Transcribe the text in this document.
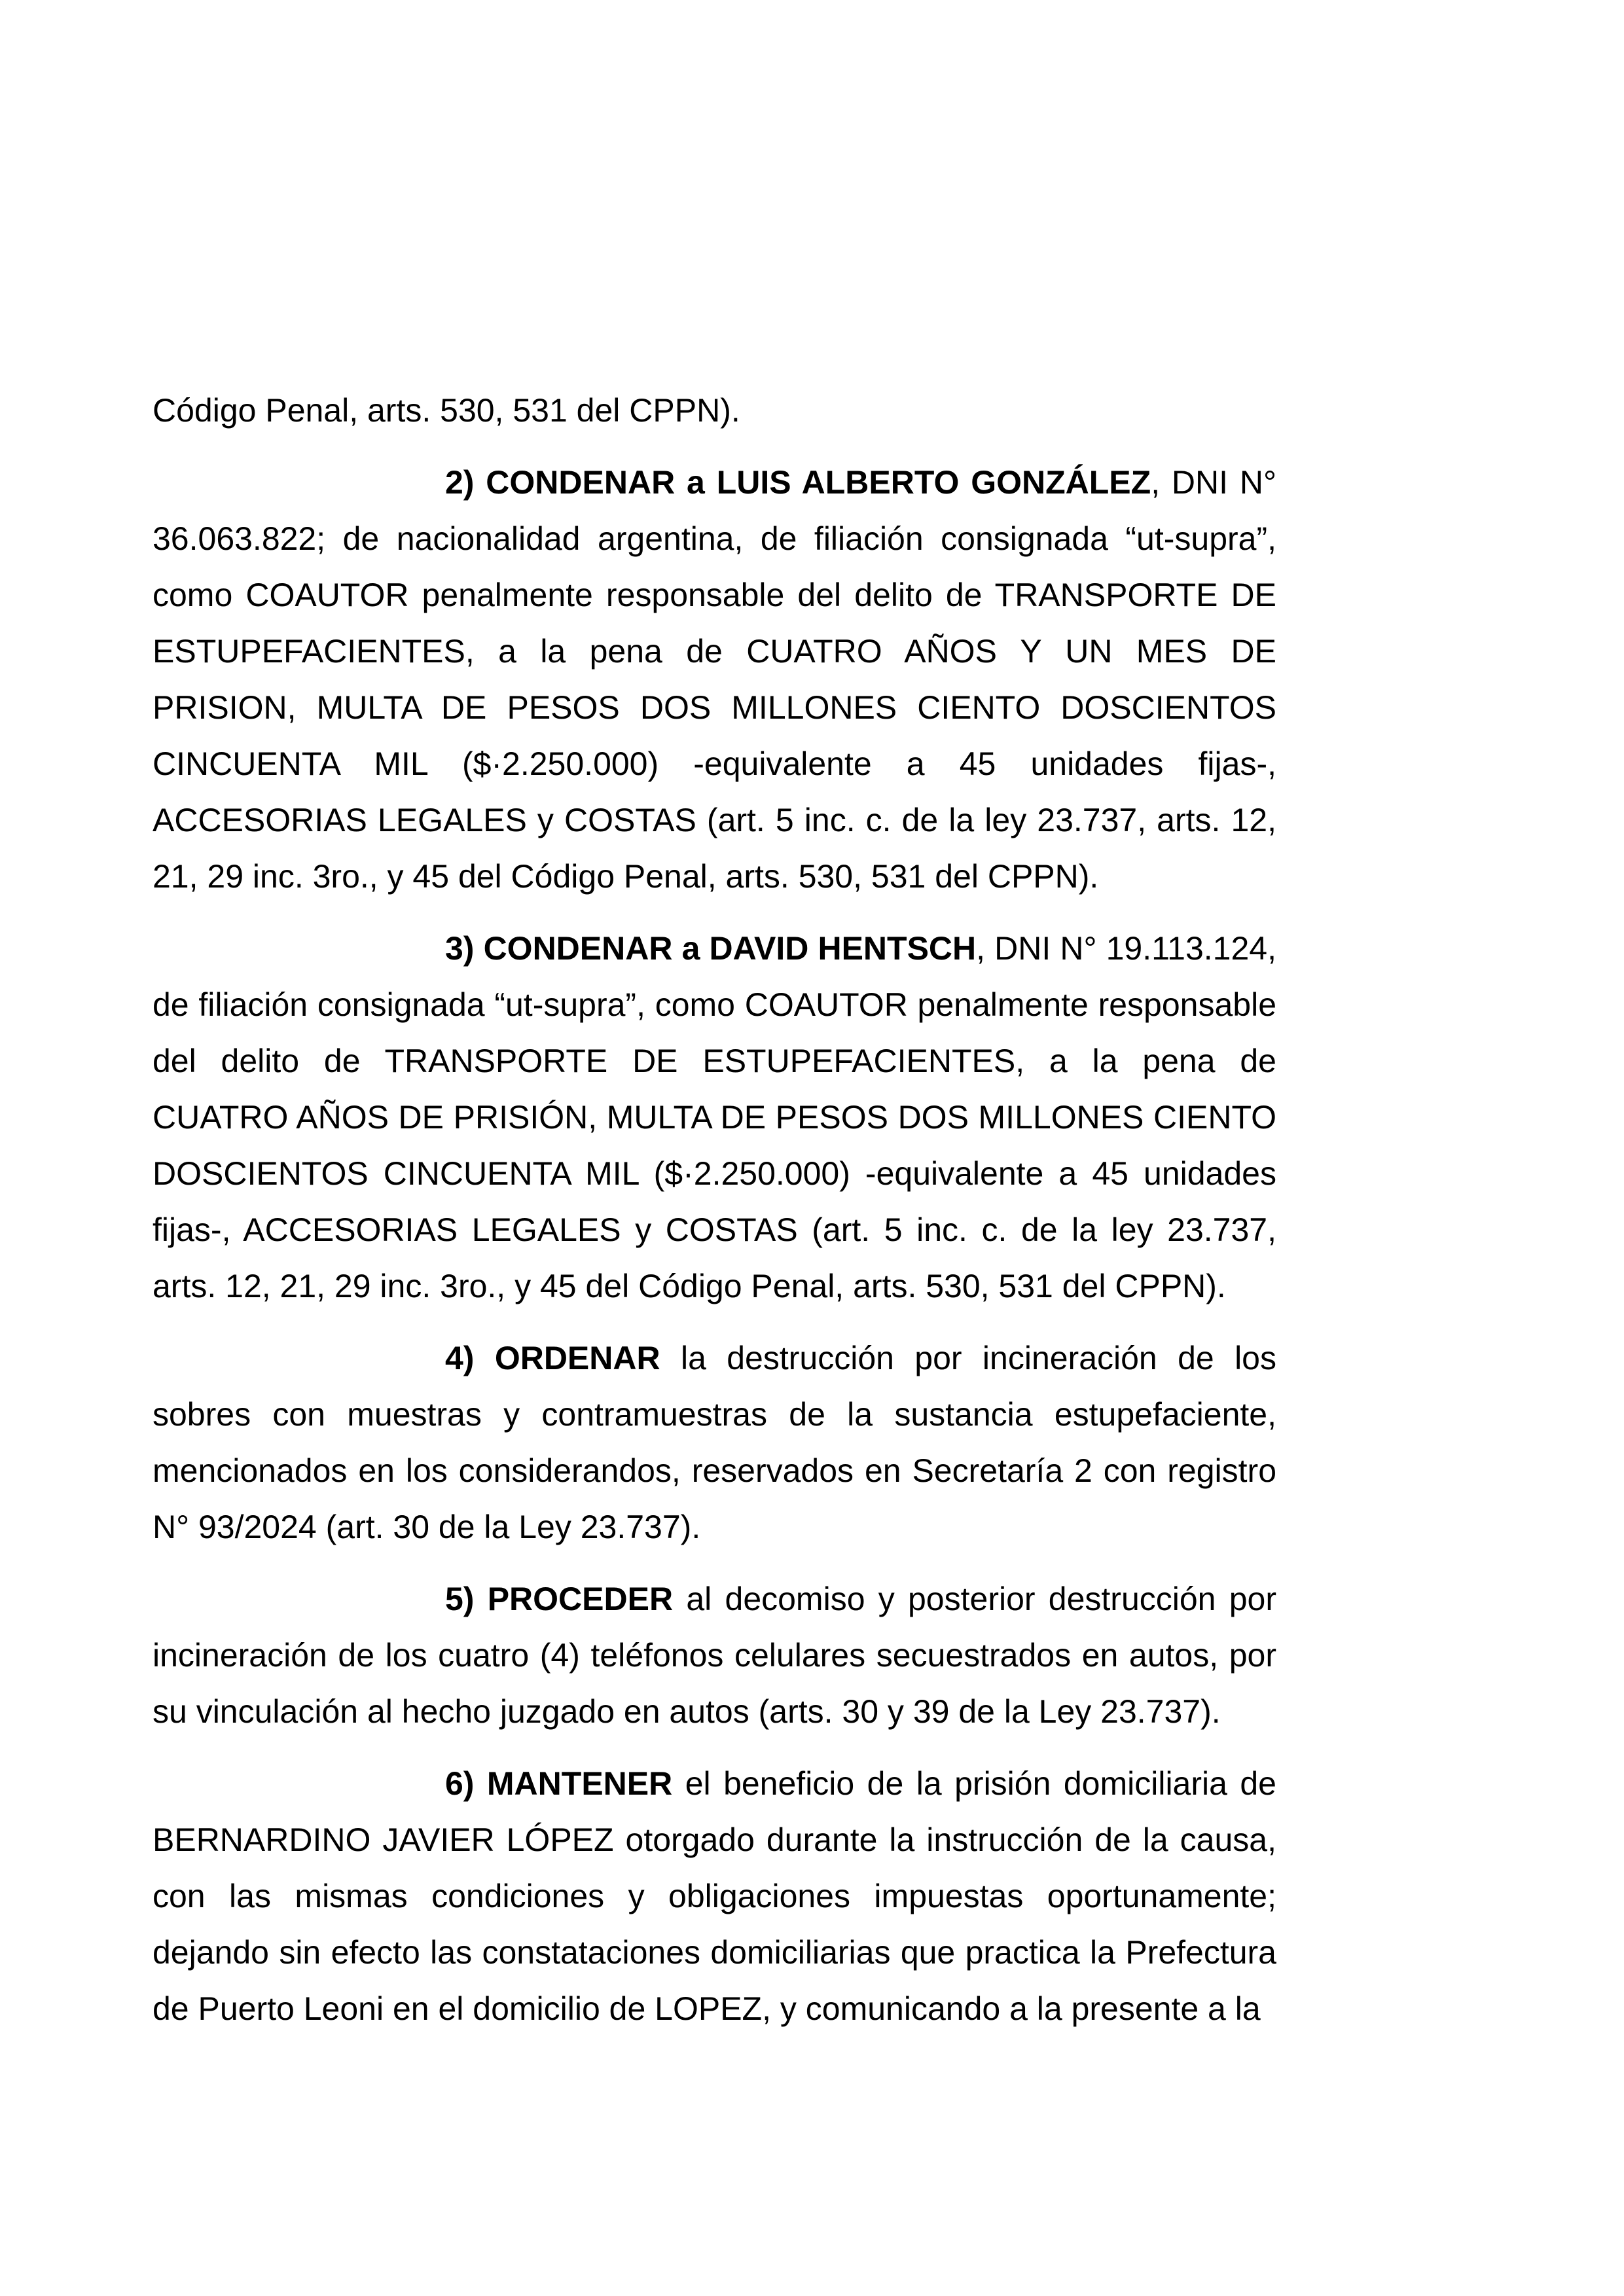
Código Penal, arts. 530, 531 del CPPN).

2) CONDENAR a LUIS ALBERTO GONZÁLEZ, DNI N° 36.063.822; de nacionalidad argentina, de filiación consignada “ut-supra”, como COAUTOR penalmente responsable del delito de TRANSPORTE DE ESTUPEFACIENTES, a la pena de CUATRO AÑOS Y UN MES DE PRISION, MULTA DE PESOS DOS MILLONES CIENTO DOSCIENTOS CINCUENTA MIL ($·2.250.000) -equivalente a 45 unidades fijas-, ACCESORIAS LEGALES y COSTAS (art. 5 inc. c. de la ley 23.737, arts. 12, 21, 29 inc. 3ro., y 45 del Código Penal, arts. 530, 531 del CPPN).

3) CONDENAR a DAVID HENTSCH, DNI N° 19.113.124, de filiación consignada “ut-supra”, como COAUTOR penalmente responsable del delito de TRANSPORTE DE ESTUPEFACIENTES, a la pena de CUATRO AÑOS DE PRISIÓN, MULTA DE PESOS DOS MILLONES CIENTO DOSCIENTOS CINCUENTA MIL ($·2.250.000) -equivalente a 45 unidades fijas-, ACCESORIAS LEGALES y COSTAS (art. 5 inc. c. de la ley 23.737, arts. 12, 21, 29 inc. 3ro., y 45 del Código Penal, arts. 530, 531 del CPPN).

4) ORDENAR la destrucción por incineración de los sobres con muestras y contramuestras de la sustancia estupefaciente, mencionados en los considerandos, reservados en Secretaría 2 con registro N° 93/2024 (art. 30 de la Ley 23.737).

5) PROCEDER al decomiso y posterior destrucción por incineración de los cuatro (4) teléfonos celulares secuestrados en autos, por su vinculación al hecho juzgado en autos (arts. 30 y 39 de la Ley 23.737).

6) MANTENER el beneficio de la prisión domiciliaria de BERNARDINO JAVIER LÓPEZ otorgado durante la instrucción de la causa, con las mismas condiciones y obligaciones impuestas oportunamente; dejando sin efecto las constataciones domiciliarias que practica la Prefectura de Puerto Leoni en el domicilio de LOPEZ, y comunicando a la presente a la
